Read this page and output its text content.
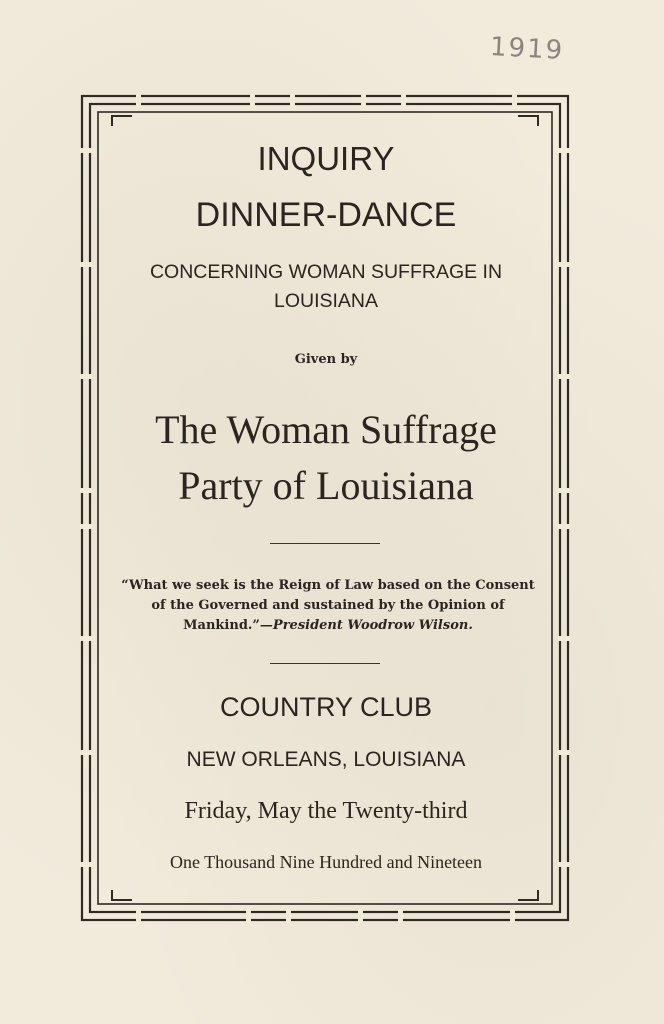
1919
INQUIRY
DINNER-DANCE
CONCERNING WOMAN SUFFRAGE IN
LOUISIANA
Given by
The Woman Suffrage
Party of Louisiana
“What we seek is the Reign of Law based on the Consent of the Governed and sustained by the Opinion of Mankind.”—President Woodrow Wilson.
COUNTRY CLUB
NEW ORLEANS, LOUISIANA
Friday, May the Twenty-third
One Thousand Nine Hundred and Nineteen
